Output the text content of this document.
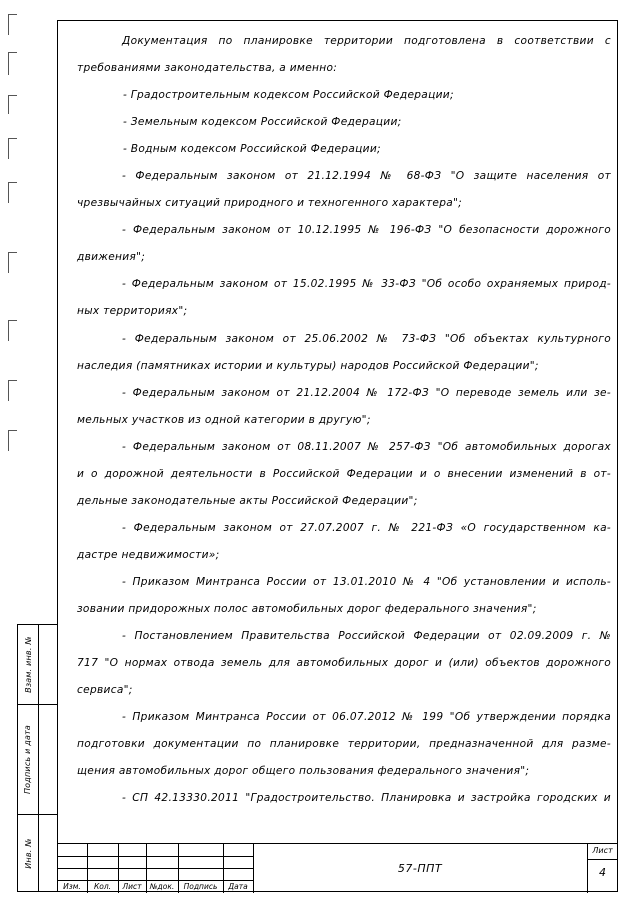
Взам. инв. №
Подпись и дата
Инв. №
Документация по планировке территории подготовлена в соответствии с
требованиями законодательства, а именно:
- Градостроительным кодексом Российской Федерации;
- Земельным кодексом Российской Федерации;
- Водным кодексом Российской Федерации;
- Федеральным законом от 21.12.1994 № 68-ФЗ "О защите населения от
чрезвычайных ситуаций природного и техногенного характера";
- Федеральным законом от 10.12.1995 № 196-ФЗ "О безопасности дорожного
движения";
- Федеральным законом от 15.02.1995 № 33-ФЗ "Об особо охраняемых природ-
ных территориях";
- Федеральным законом от 25.06.2002 № 73-ФЗ "Об объектах культурного
наследия (памятниках истории и культуры) народов Российской Федерации";
- Федеральным законом от 21.12.2004 № 172-ФЗ "О переводе земель или зе-
мельных участков из одной категории в другую";
- Федеральным законом от 08.11.2007 № 257-ФЗ "Об автомобильных дорогах
и о дорожной деятельности в Российской Федерации и о внесении изменений в от-
дельные законодательные акты Российской Федерации";
- Федеральным законом от 27.07.2007 г. № 221-ФЗ «О государственном ка-
дастре недвижимости»;
- Приказом Минтранса России от 13.01.2010 № 4 "Об установлении и исполь-
зовании придорожных полос автомобильных дорог федерального значения";
- Постановлением Правительства Российской Федерации от 02.09.2009 г. №
717 "О нормах отвода земель для автомобильных дорог и (или) объектов дорожного
сервиса";
- Приказом Минтранса России от 06.07.2012 № 199 "Об утверждении порядка
подготовки документации по планировке территории, предназначенной для разме-
щения автомобильных дорог общего пользования федерального значения";
- СП 42.13330.2011 "Градостроительство. Планировка и застройка городских и
Изм.	Кол.	Лист	№док.	Подпись	Дата
57-ППТ
Лист
4
